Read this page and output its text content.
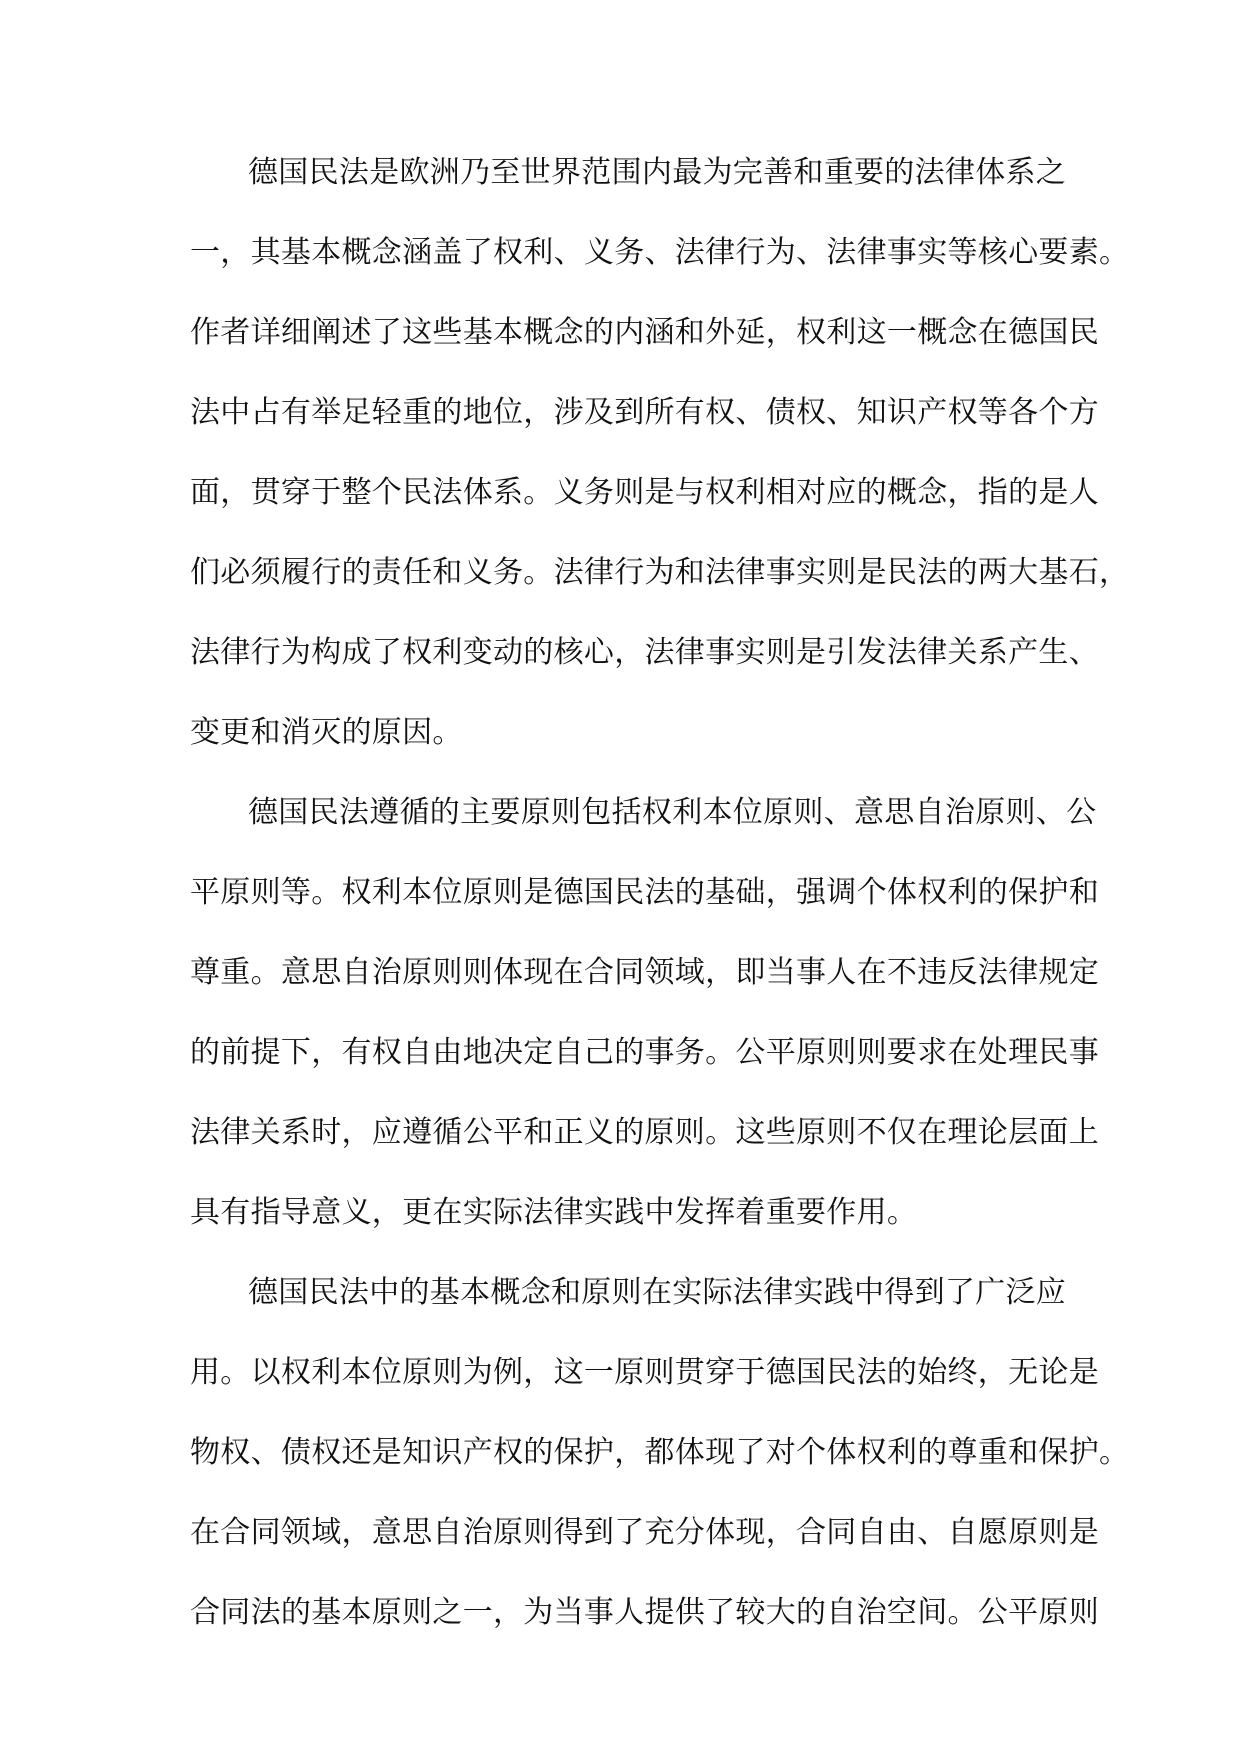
德国民法是欧洲乃至世界范围内最为完善和重要的法律体系之
一，其基本概念涵盖了权利、义务、法律行为、法律事实等核心要素。
作者详细阐述了这些基本概念的内涵和外延，权利这一概念在德国民
法中占有举足轻重的地位，涉及到所有权、债权、知识产权等各个方
面，贯穿于整个民法体系。义务则是与权利相对应的概念，指的是人
们必须履行的责任和义务。法律行为和法律事实则是民法的两大基石，
法律行为构成了权利变动的核心，法律事实则是引发法律关系产生、
变更和消灭的原因。
德国民法遵循的主要原则包括权利本位原则、意思自治原则、公
平原则等。权利本位原则是德国民法的基础，强调个体权利的保护和
尊重。意思自治原则则体现在合同领域，即当事人在不违反法律规定
的前提下，有权自由地决定自己的事务。公平原则则要求在处理民事
法律关系时，应遵循公平和正义的原则。这些原则不仅在理论层面上
具有指导意义，更在实际法律实践中发挥着重要作用。
德国民法中的基本概念和原则在实际法律实践中得到了广泛应
用。以权利本位原则为例，这一原则贯穿于德国民法的始终，无论是
物权、债权还是知识产权的保护，都体现了对个体权利的尊重和保护。
在合同领域，意思自治原则得到了充分体现，合同自由、自愿原则是
合同法的基本原则之一，为当事人提供了较大的自治空间。公平原则
